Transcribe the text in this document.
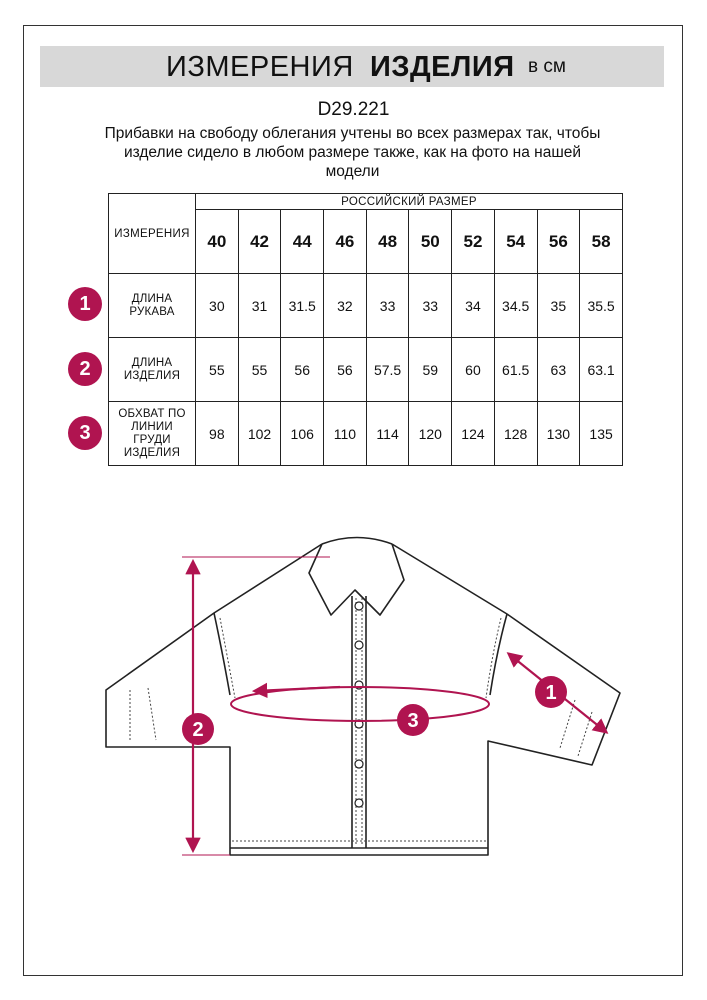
ИЗМЕРЕНИЯ ИЗДЕЛИЯ в см
D29.221
Прибавки на свободу облегания учтены во всех размерах так, чтобы
изделие сидело в любом размере также, как на фото на нашей
модели
ИЗМЕРЕНИЯ	РОССИЙСКИЙ РАЗМЕР									
	40	42	44	46	48	50	52	54	56	58

ДЛИНА
РУКАВА	30	31	31.5	32	33	33	34	34.5	35	35.5

ДЛИНА
ИЗДЕЛИЯ	55	55	56	56	57.5	59	60	61.5	63	63.1

ОБХВАТ ПО
ЛИНИИ
ГРУДИ
ИЗДЕЛИЯ	98	102	106	110	114	120	124	128	130	135
1
2
3
1
2	3
